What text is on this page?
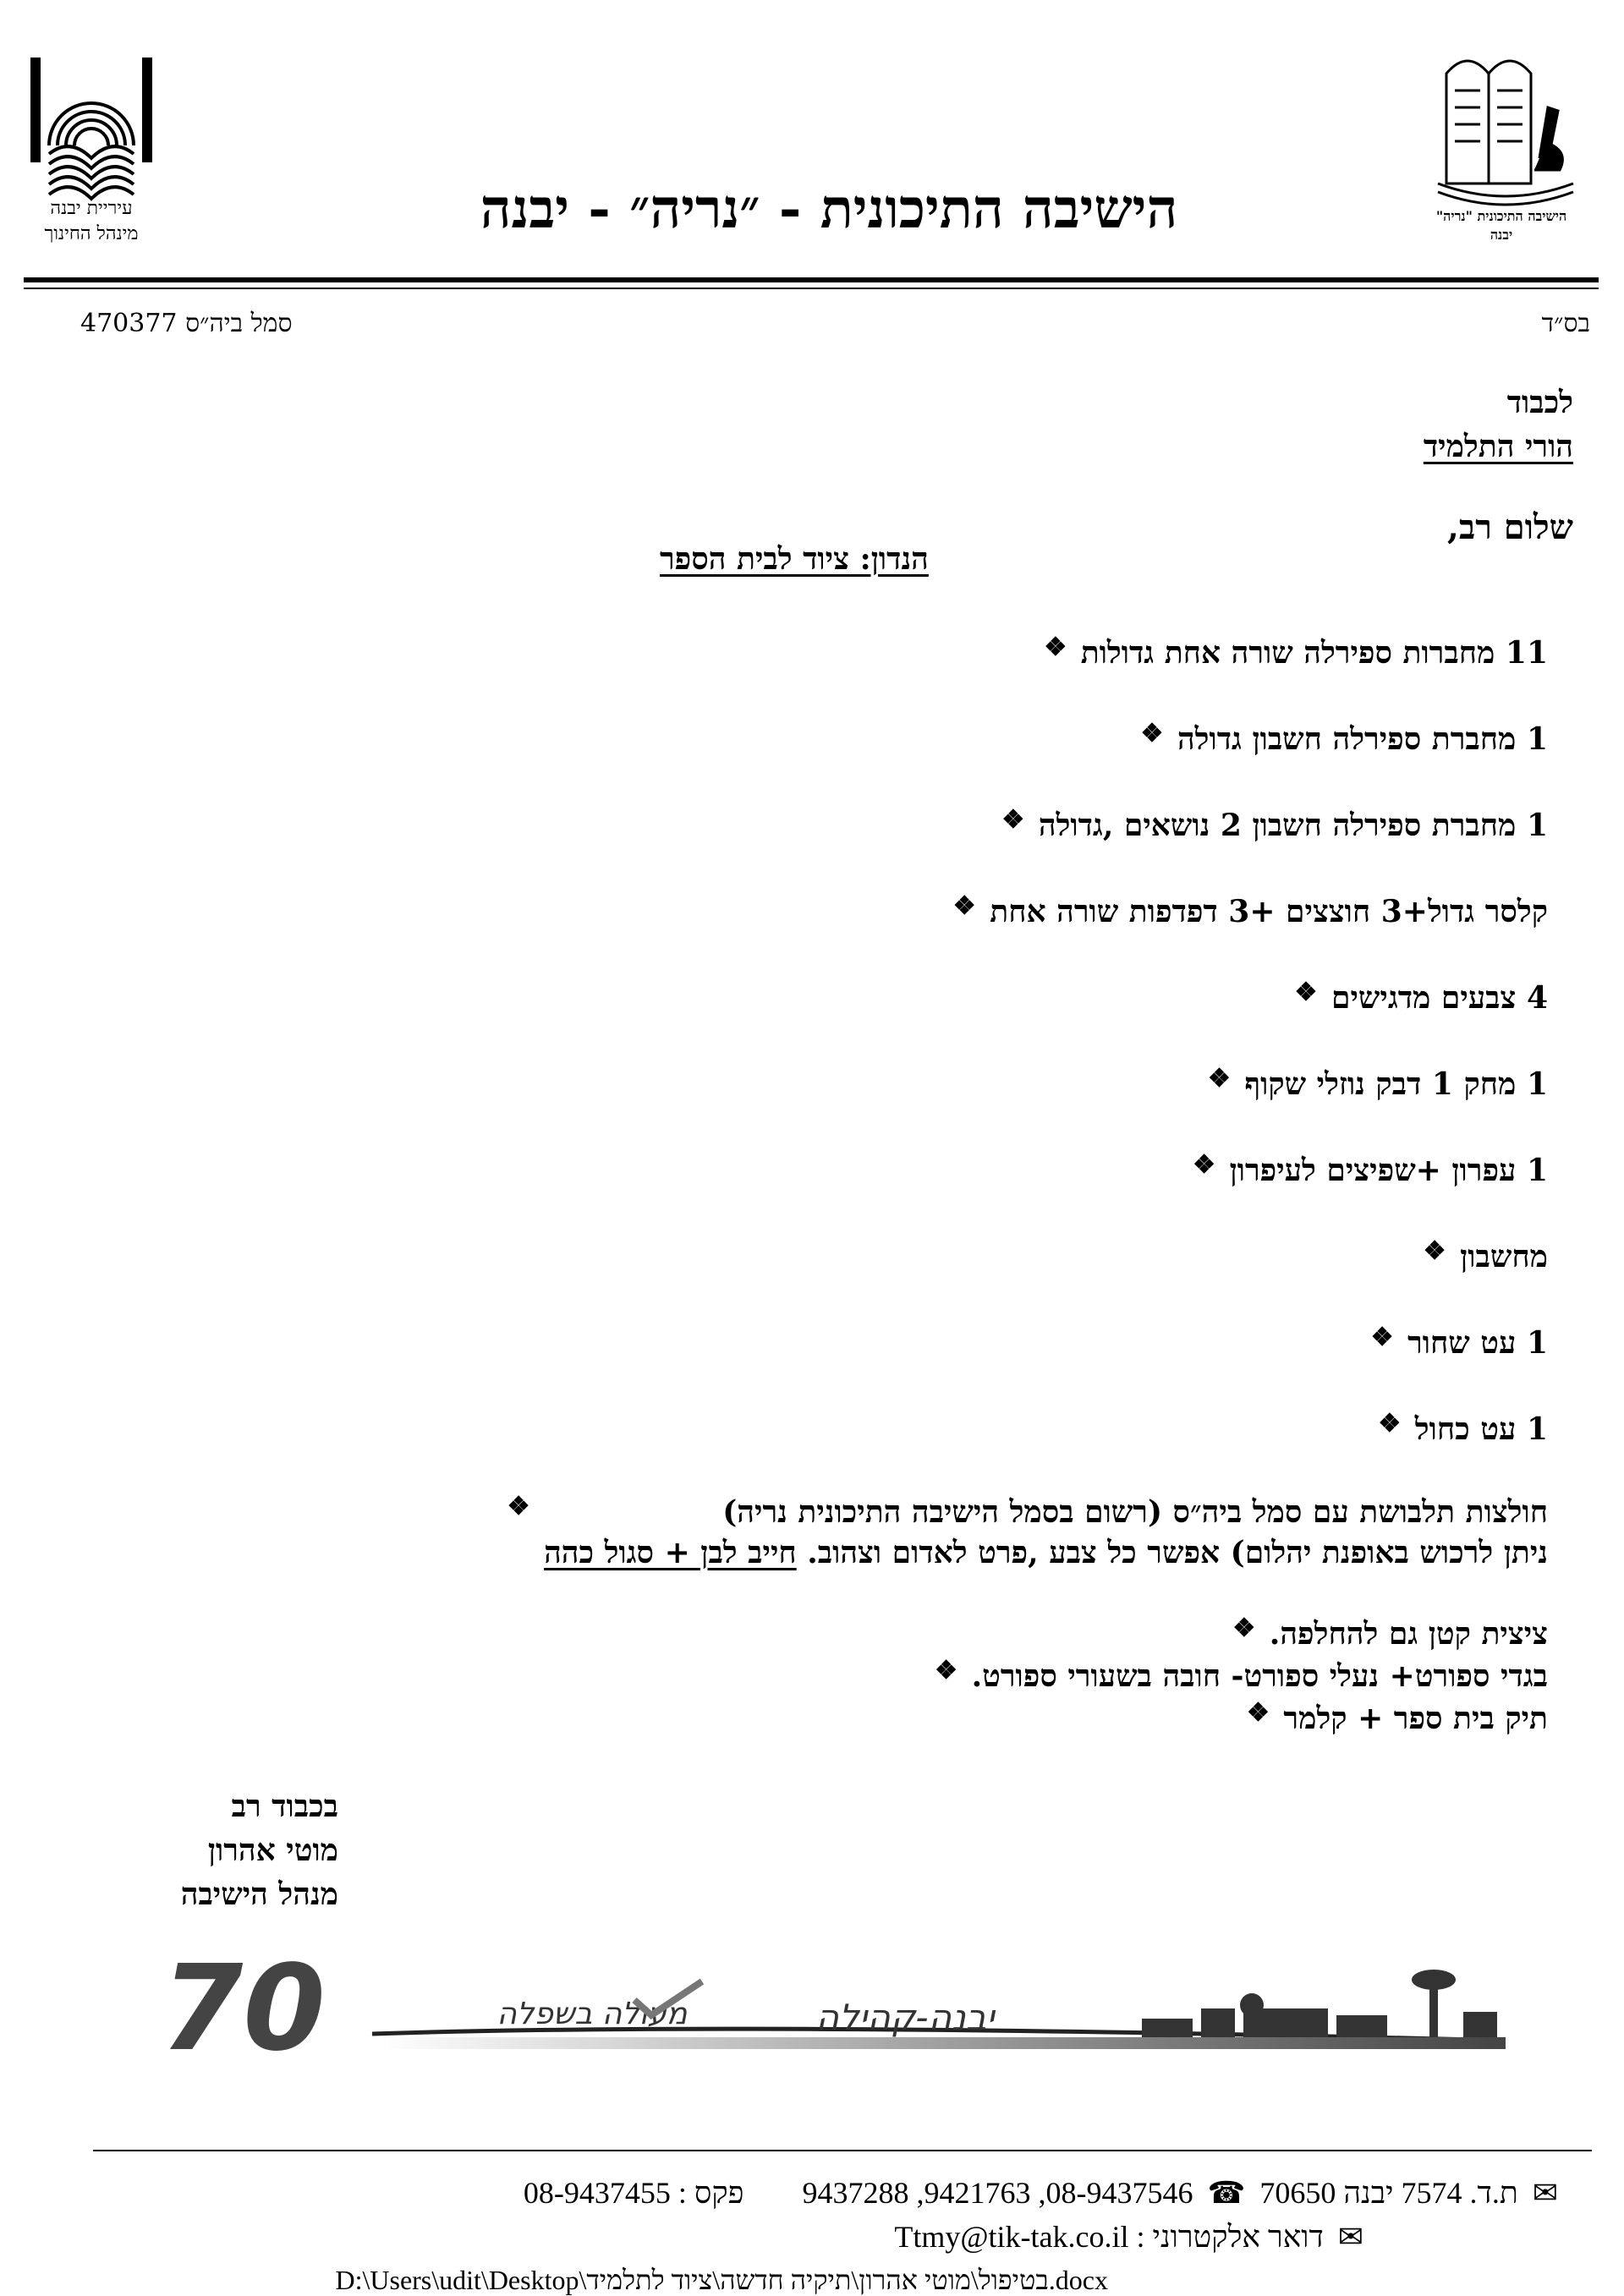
עיריית יבנה
מינהל החינוך
הישיבה התיכונית "נריה"
יבנה
הישיבה התיכונית - ״נריה״ - יבנה
בס״ד
סמל ביה״ס 470377
לכבוד
הורי התלמיד
שלום רב,
הנדון: ציוד לבית הספר
❖ 11 מחברות ספירלה שורה אחת גדולות
❖ 1 מחברת ספירלה חשבון גדולה
❖ 1 מחברת ספירלה חשבון 2 נושאים ,גדולה
❖ קלסר גדול+3 חוצצים +3 דפדפות שורה אחת
❖ 4 צבעים מדגישים
❖ 1 מחק 1 דבק נוזלי שקוף
❖ 1 עפרון +שפיצים לעיפרון
❖ מחשבון
❖ 1 עט שחור
❖ 1 עט כחול
❖	חולצות תלבושת עם סמל ביה״ס (רשום בסמל הישיבה התיכונית נריה)
ניתן לרכוש באופנת יהלום) אפשר כל צבע ,פרט לאדום וצהוב. חייב לבן + סגול כהה
❖ ציצית קטן גם להחלפה.
❖ בגדי ספורט+ נעלי ספורט- חובה בשעורי ספורט.
❖ תיק בית ספר + קלמר
בכבוד רב
מוטי אהרון
מנהל הישיבה
70	יבנה-קהילה
מעולה בשפלה
✉ ת.ד. 7574 יבנה 70650 ☎ 08-9437546, 9421763, 9437288 פקס : 08-9437455
✉ דואר אלקטרוני : Ttmy@tik-tak.co.il
D:\Users\udit\Desktop\בטיפול\מוטי אהרון\תיקיה חדשה\ציוד לתלמיד.docx
